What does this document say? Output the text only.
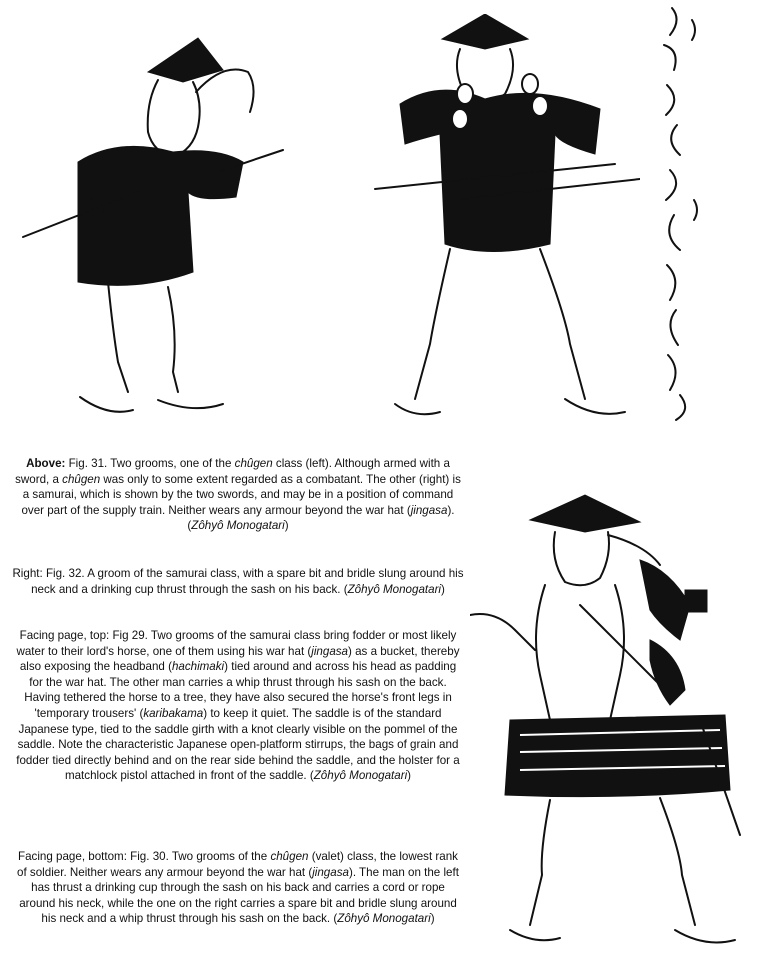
Above: Fig. 31. Two grooms, one of the chûgen class (left). Although armed with a sword, a chûgen was only to some extent regarded as a combatant. The other (right) is a samurai, which is shown by the two swords, and may be in a position of command over part of the supply train. Neither wears any armour beyond the war hat (jingasa). (Zôhyô Monogatari)
Right: Fig. 32. A groom of the samurai class, with a spare bit and bridle slung around his neck and a drinking cup thrust through the sash on his back. (Zôhyô Monogatari)
Facing page, top: Fig 29. Two grooms of the samurai class bring fodder or most likely water to their lord's horse, one of them using his war hat (jingasa) as a bucket, thereby also exposing the headband (hachimaki) tied around and across his head as padding for the war hat. The other man carries a whip thrust through his sash on the back. Having tethered the horse to a tree, they have also secured the horse's front legs in 'temporary trousers' (karibakama) to keep it quiet. The saddle is of the standard Japanese type, tied to the saddle girth with a knot clearly visible on the pommel of the saddle. Note the characteristic Japanese open-platform stirrups, the bags of grain and fodder tied directly behind and on the rear side behind the saddle, and the holster for a matchlock pistol attached in front of the saddle. (Zôhyô Monogatari)
Facing page, bottom: Fig. 30. Two grooms of the chûgen (valet) class, the lowest rank of soldier. Neither wears any armour beyond the war hat (jingasa). The man on the left has thrust a drinking cup through the sash on his back and carries a cord or rope around his neck, while the one on the right carries a spare bit and bridle slung around his neck and a whip thrust through his sash on the back. (Zôhyô Monogatari)
